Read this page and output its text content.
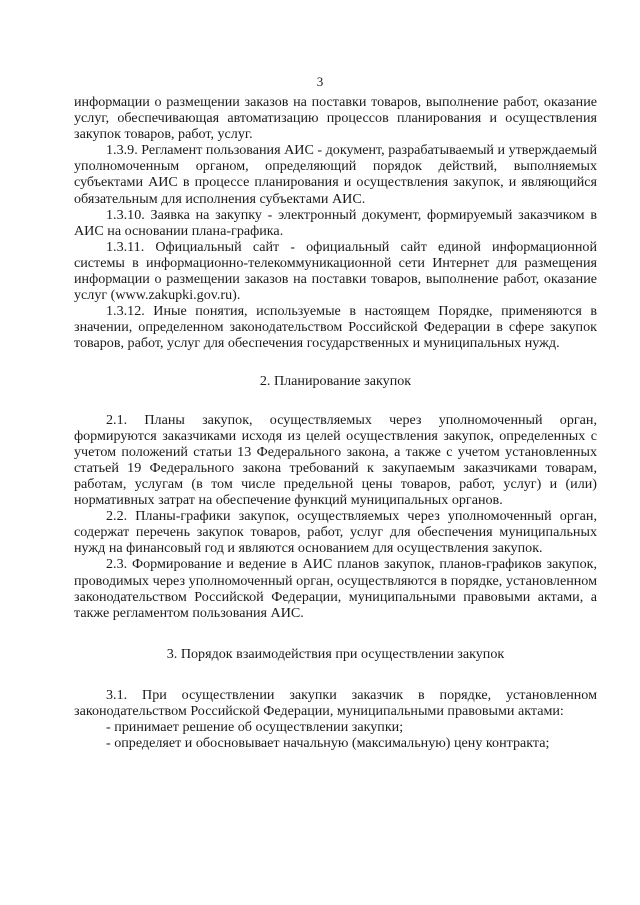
3

информации о размещении заказов на поставки товаров, выполнение работ, оказание услуг, обеспечивающая автоматизацию процессов планирования и осуществления закупок товаров, работ, услуг.

1.3.9. Регламент пользования АИС - документ, разрабатываемый и утверждаемый уполномоченным органом, определяющий порядок действий, выполняемых субъектами АИС в процессе планирования и осуществления закупок, и являющийся обязательным для исполнения субъектами АИС.

1.3.10. Заявка на закупку - электронный документ, формируемый заказчиком в АИС на основании плана-графика.

1.3.11. Официальный сайт - официальный сайт единой информационной системы в информационно-телекоммуникационной сети Интернет для размещения информации о размещении заказов на поставки товаров, выполнение работ, оказание услуг (www.zakupki.gov.ru).

1.3.12. Иные понятия, используемые в настоящем Порядке, применяются в значении, определенном законодательством Российской Федерации в сфере закупок товаров, работ, услуг для обеспечения государственных и муниципальных нужд.

2. Планирование закупок

2.1. Планы закупок, осуществляемых через уполномоченный орган, формируются заказчиками исходя из целей осуществления закупок, определенных с учетом положений статьи 13 Федерального закона, а также с учетом установленных статьей 19 Федерального закона требований к закупаемым заказчиками товарам, работам, услугам (в том числе предельной цены товаров, работ, услуг) и (или) нормативных затрат на обеспечение функций муниципальных органов.

2.2. Планы-графики закупок, осуществляемых через уполномоченный орган, содержат перечень закупок товаров, работ, услуг для обеспечения муниципальных нужд на финансовый год и являются основанием для осуществления закупок.

2.3. Формирование и ведение в АИС планов закупок, планов-графиков закупок, проводимых через уполномоченный орган, осуществляются в порядке, установленном законодательством Российской Федерации, муниципальными правовыми актами, а также регламентом пользования АИС.

3. Порядок взаимодействия при осуществлении закупок

3.1. При осуществлении закупки заказчик в порядке, установленном законодательством Российской Федерации, муниципальными правовыми актами:

- принимает решение об осуществлении закупки;

- определяет и обосновывает начальную (максимальную) цену контракта;
